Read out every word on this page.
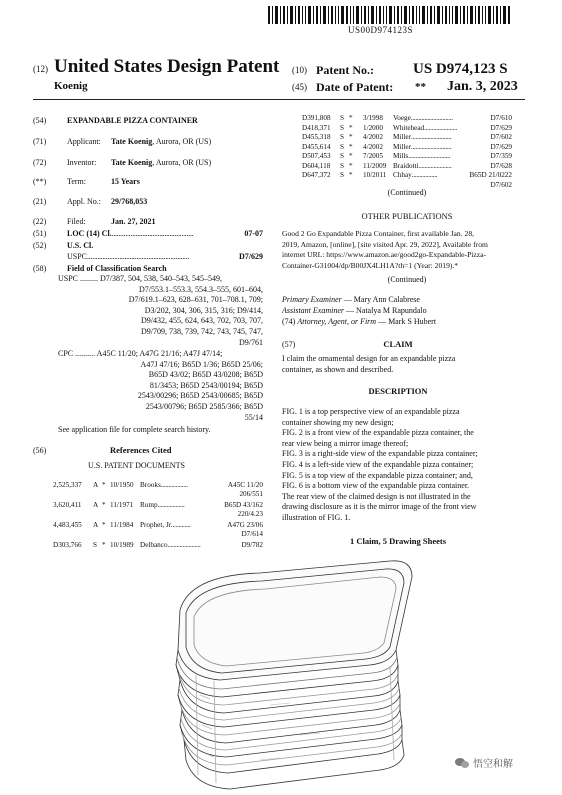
US00D974123S
(12) United States Design Patent
Koenig
(10) Patent No.:	US D974,123 S
(45) Date of Patent: ** Jan. 3, 2023
(54)	EXPANDABLE PIZZA CONTAINER
(71)	Applicant: Tate Koenig, Aurora, OR (US)
(72)	Inventor: Tate Koenig, Aurora, OR (US)
(**)	Term:	15 Years
(21)	Appl. No.: 29/768,053
(22)	Filed:	Jan. 27, 2021
(51)	LOC (14) Cl.................................................	07-07
(52)	U.S. Cl.
USPC............................................................	D7/629
(58)	Field of Classification Search
USPC ......... D7/387, 504, 538, 540–543, 545–549,
D7/553.1–553.3, 554.3–555, 601–604,
D7/619.1–623, 628–631, 701–708.1, 709;
D3/202, 304, 306, 315, 316; D9/414,
D9/432, 455, 624, 643, 702, 703, 707,
D9/709, 738, 739, 742, 743, 745, 747,
D9/761
CPC .......... A45C 11/20; A47G 21/16; A47J 47/14;
A47J 47/16; B65D 1/36; B65D 25/06;
B65D 43/02; B65D 43/0208; B65D
81/3453; B65D 2543/00194; B65D
2543/00296; B65D 2543/00685; B65D
2543/00796; B65D 2585/366; B65D
55/14
See application file for complete search history.
(56)	References Cited
U.S. PATENT DOCUMENTS
2,525,337	A * 10/1950 Brooks ..................	A45C 11/20
206/551
3,620,411	A * 11/1971 Rump ..................	B65D 43/162
220/4.23
4,483,455	A * 11/1984 Prophet, Jr. ............	A47G 23/06
D7/614
D303,766	S * 10/1989 Delbanco ......................	D9/782
D391,808	S *	3/1998	Voege ............................	D7/610
D418,371	S *	1/2000	Whitehead ......................	D7/629
D455,318	S *	4/2002	Miller ...........................	D7/602
D455,614	S *	4/2002	Miller ...........................	D7/629
D507,453	S *	7/2005	Mills ............................	D7/359
D604,118	S *	11/2009 Braidotti ......................	D7/628
D647,372	S *	10/2011 Chhay .................	B65D 21/0222
D7/602
(Continued)
OTHER PUBLICATIONS
Good 2 Go Expandable Pizza Container, first available Jan. 28,
2019, Amazon, [online], [site visited Apr. 29, 2022], Available from
internet URL: https://www.amazon.ae/good2go-Expandable-Pizza-
Container-G31004/dp/B00JX4LH1A?th=1 (Year: 2019).*
(Continued)
Primary Examiner — Mary Ann Calabrese
Assistant Examiner — Natalya M Rapundalo
(74) Attorney, Agent, or Firm — Mark S Hubert
(57)	CLAIM
I claim the ornamental design for an expandable pizza
container, as shown and described.
DESCRIPTION
FIG. 1 is a top perspective view of an expandable pizza
container showing my new design;
FIG. 2 is a front view of the expandable pizza container, the
rear view being a mirror image thereof;
FIG. 3 is a right-side view of the expandable pizza container;
FIG. 4 is a left-side view of the expandable pizza container;
FIG. 5 is a top view of the expandable pizza container; and,
FIG. 6 is a bottom view of the expandable pizza container.
The rear view of the claimed design is not illustrated in the
drawing disclosure as it is the mirror image of the front view
illustration of FIG. 1.
1 Claim, 5 Drawing Sheets
悟空和解
